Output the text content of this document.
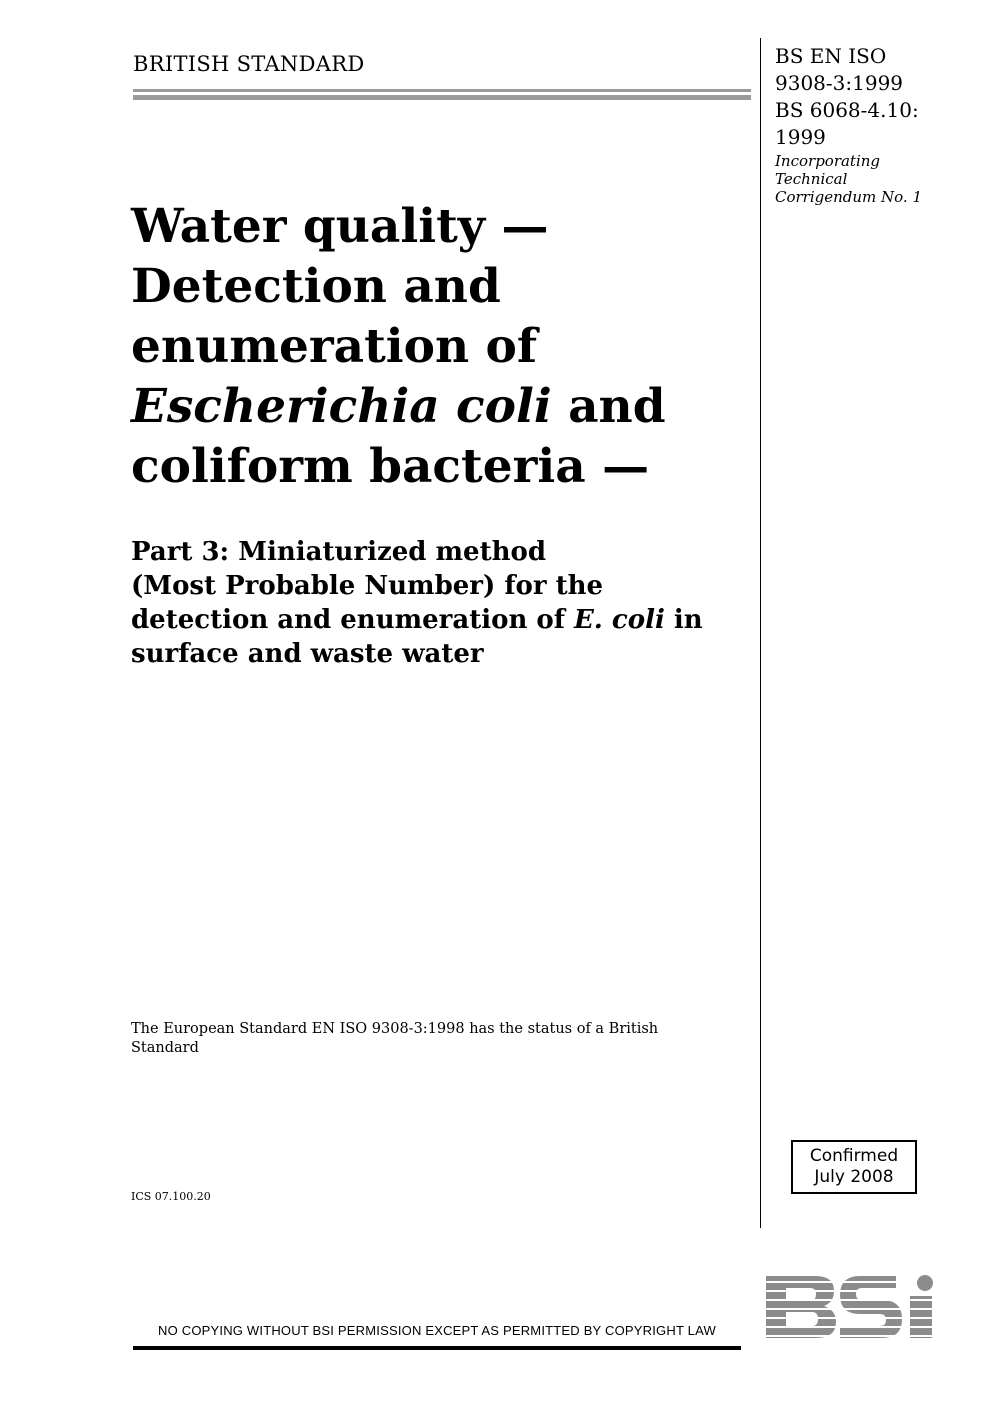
BRITISH STANDARD	BS EN ISO
9308-3:1999
BS 6068-4.10:
1999
Incorporating
Technical
Corrigendum No. 1
Water quality —
Detection and
enumeration of
Escherichia coli and
coliform bacteria —
Part 3: Miniaturized method
(Most Probable Number) for the
detection and enumeration of E. coli in
surface and waste water
The European Standard EN ISO 9308-3:1998 has the status of a British Standard
ICS 07.100.20
Confirmed
July 2008
NO COPYING WITHOUT BSI PERMISSION EXCEPT AS PERMITTED BY COPYRIGHT LAW
